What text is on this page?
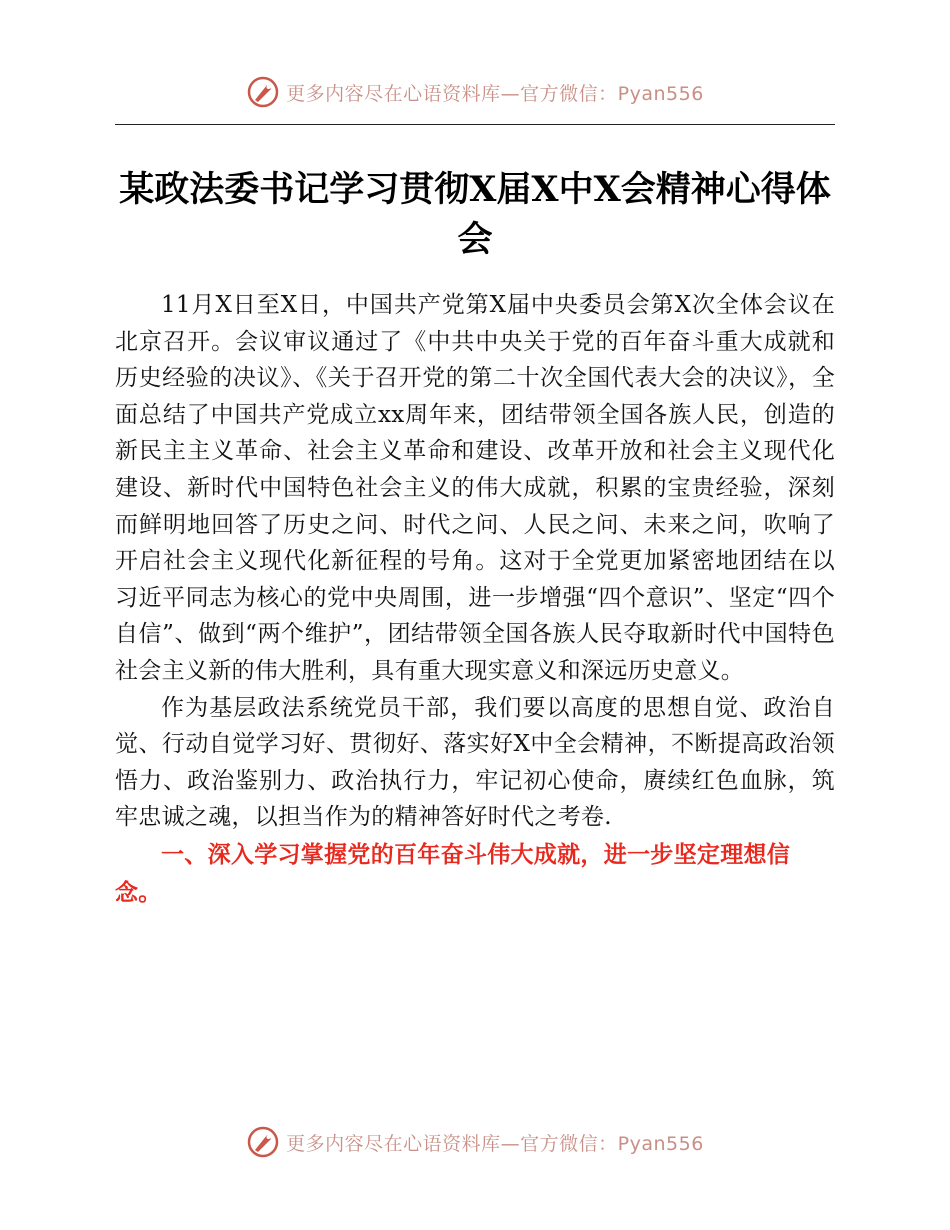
更多内容尽在心语资料库—官方微信：Pyan556
某政法委书记学习贯彻X届X中X会精神心得体会

11月X日至X日，中国共产党第X届中央委员会第X次全体会议在北京召开。会议审议通过了《中共中央关于党的百年奋斗重大成就和历史经验的决议》、《关于召开党的第二十次全国代表大会的决议》，全面总结了中国共产党成立xx周年来，团结带领全国各族人民，创造的新民主主义革命、社会主义革命和建设、改革开放和社会主义现代化建设、新时代中国特色社会主义的伟大成就，积累的宝贵经验，深刻而鲜明地回答了历史之问、时代之问、人民之问、未来之问，吹响了开启社会主义现代化新征程的号角。这对于全党更加紧密地团结在以习近平同志为核心的党中央周围，进一步增强“四个意识”、坚定“四个自信”、做到“两个维护”，团结带领全国各族人民夺取新时代中国特色社会主义新的伟大胜利，具有重大现实意义和深远历史意义。

作为基层政法系统党员干部，我们要以高度的思想自觉、政治自觉、行动自觉学习好、贯彻好、落实好X中全会精神，不断提高政治领悟力、政治鉴别力、政治执行力，牢记初心使命，赓续红色血脉，筑牢忠诚之魂，以担当作为的精神答好时代之考卷.

一、深入学习掌握党的百年奋斗伟大成就，进一步坚定理想信念。

更多内容尽在心语资料库—官方微信：Pyan556
